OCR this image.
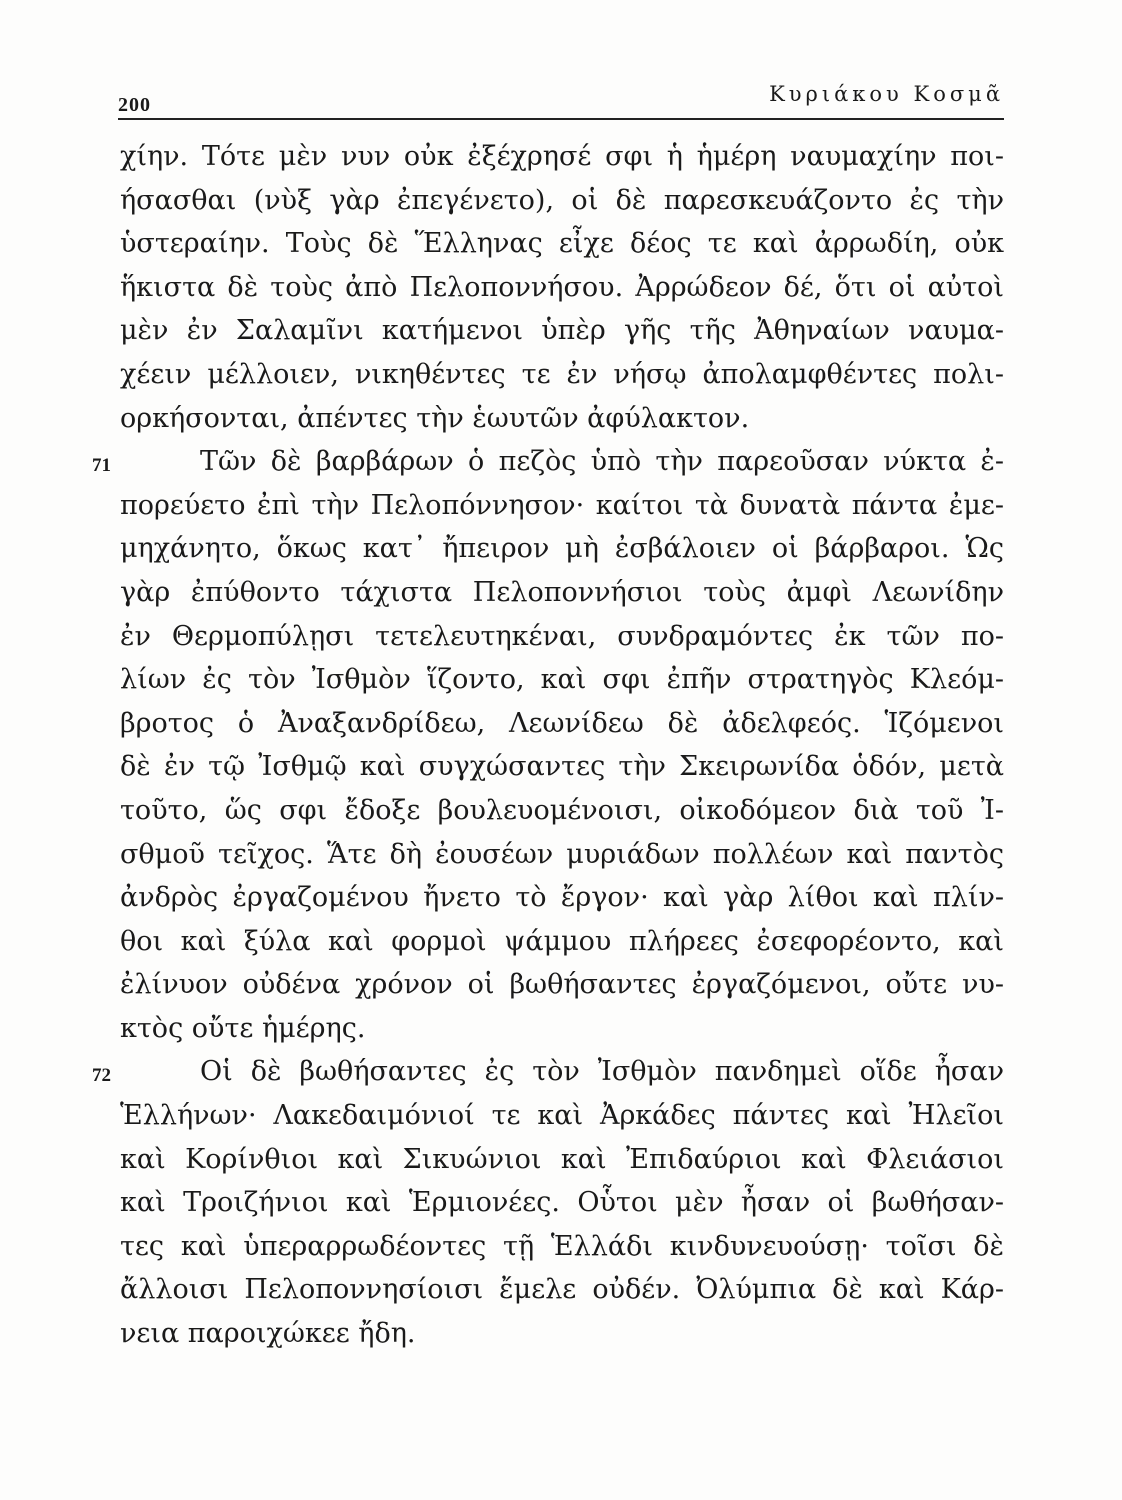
200	Κυριάκου Κοσμᾶ
χίην. Τότε μὲν νυν οὐκ ἐξέχρησέ σφι ἡ ἡμέρη ναυμαχίην ποι-
ήσασθαι (νὺξ γὰρ ἐπεγένετο), οἱ δὲ παρεσκευάζοντο ἐς τὴν
ὑστεραίην. Τοὺς δὲ Ἕλληνας εἶχε δέος τε καὶ ἀρρωδίη, οὐκ
ἥκιστα δὲ τοὺς ἀπὸ Πελοποννήσου. Ἀρρώδεον δέ, ὅτι οἱ αὐτοὶ
μὲν ἐν Σαλαμῖνι κατήμενοι ὑπὲρ γῆς τῆς Ἀθηναίων ναυμα-
χέειν μέλλοιεν, νικηθέντες τε ἐν νήσῳ ἀπολαμφθέντες πολι-
ορκήσονται, ἀπέντες τὴν ἑωυτῶν ἀφύλακτον.
71	Τῶν δὲ βαρβάρων ὁ πεζὸς ὑπὸ τὴν παρεοῦσαν νύκτα ἐ-
πορεύετο ἐπὶ τὴν Πελοπόννησον· καίτοι τὰ δυνατὰ πάντα ἐμε-
μηχάνητο, ὅκως κατ᾽ ἤπειρον μὴ ἐσβάλοιεν οἱ βάρβαροι. Ὡς
γὰρ ἐπύθοντο τάχιστα Πελοποννήσιοι τοὺς ἀμφὶ Λεωνίδην
ἐν Θερμοπύλῃσι τετελευτηκέναι, συνδραμόντες ἐκ τῶν πο-
λίων ἐς τὸν Ἰσθμὸν ἵζοντο, καὶ σφι ἐπῆν στρατηγὸς Κλεόμ-
βροτος ὁ Ἀναξανδρίδεω, Λεωνίδεω δὲ ἀδελφεός. Ἱζόμενοι
δὲ ἐν τῷ Ἰσθμῷ καὶ συγχώσαντες τὴν Σκειρωνίδα ὁδόν, μετὰ
τοῦτο, ὥς σφι ἔδοξε βουλευομένοισι, οἰκοδόμεον διὰ τοῦ Ἰ-
σθμοῦ τεῖχος. Ἅτε δὴ ἐουσέων μυριάδων πολλέων καὶ παντὸς
ἀνδρὸς ἐργαζομένου ἤνετο τὸ ἔργον· καὶ γὰρ λίθοι καὶ πλίν-
θοι καὶ ξύλα καὶ φορμοὶ ψάμμου πλήρεες ἐσεφορέοντο, καὶ
ἐλίνυον οὐδένα χρόνον οἱ βωθήσαντες ἐργαζόμενοι, οὔτε νυ-
κτὸς οὔτε ἡμέρης.
72	Οἱ δὲ βωθήσαντες ἐς τὸν Ἰσθμὸν πανδημεὶ οἵδε ἦσαν
Ἑλλήνων· Λακεδαιμόνιοί τε καὶ Ἀρκάδες πάντες καὶ Ἠλεῖοι
καὶ Κορίνθιοι καὶ Σικυώνιοι καὶ Ἐπιδαύριοι καὶ Φλειάσιοι
καὶ Τροιζήνιοι καὶ Ἑρμιονέες. Οὗτοι μὲν ἦσαν οἱ βωθήσαν-
τες καὶ ὑπεραρρωδέοντες τῇ Ἑλλάδι κινδυνευούσῃ· τοῖσι δὲ
ἄλλοισι Πελοποννησίοισι ἔμελε οὐδέν. Ὀλύμπια δὲ καὶ Κάρ-
νεια παροιχώκεε ἤδη.
